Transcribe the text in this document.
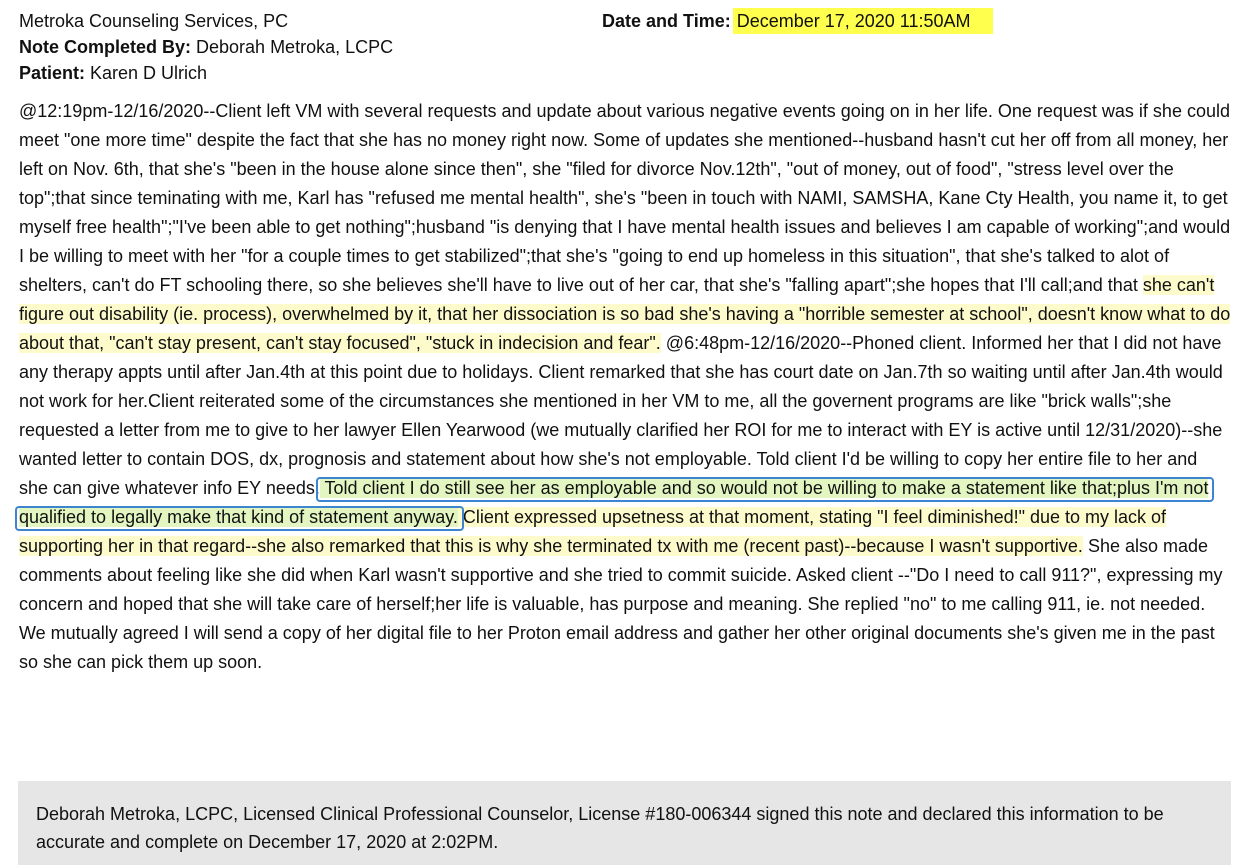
Metroka Counseling Services, PC
Note Completed By: Deborah Metroka, LCPC
Patient: Karen D Ulrich
Date and Time: December 17, 2020 11:50AM

@12:19pm-12/16/2020--Client left VM with several requests and update about various negative events going on in her life. One request was if she could meet "one more time" despite the fact that she has no money right now. Some of updates she mentioned--husband hasn't cut her off from all money, her left on Nov. 6th, that she's "been in the house alone since then", she "filed for divorce Nov.12th", "out of money, out of food", "stress level over the top";that since teminating with me, Karl has "refused me mental health", she's "been in touch with NAMI, SAMSHA, Kane Cty Health, you name it, to get myself free health";"I've been able to get nothing";husband "is denying that I have mental health issues and believes I am capable of working";and would I be willing to meet with her "for a couple times to get stabilized";that she's "going to end up homeless in this situation", that she's talked to alot of shelters, can't do FT schooling there, so she believes she'll have to live out of her car, that she's "falling apart";she hopes that I'll call;and that she can't figure out disability (ie. process), overwhelmed by it, that her dissociation is so bad she's having a "horrible semester at school", doesn't know what to do about that, "can't stay present, can't stay focused", "stuck in indecision and fear". @6:48pm-12/16/2020--Phoned client. Informed her that I did not have any therapy appts until after Jan.4th at this point due to holidays. Client remarked that she has court date on Jan.7th so waiting until after Jan.4th would not work for her.Client reiterated some of the circumstances she mentioned in her VM to me, all the governent programs are like "brick walls";she requested a letter from me to give to her lawyer Ellen Yearwood (we mutually clarified her ROI for me to interact with EY is active until 12/31/2020)--she wanted letter to contain DOS, dx, prognosis and statement about how she's not employable. Told client I'd be willing to copy her entire file to her and she can give whatever info EY needs. Told client I do still see her as employable and so would not be willing to make a statement like that;plus I'm not qualified to legally make that kind of statement anyway. Client expressed upsetness at that moment, stating "I feel diminished!" due to my lack of supporting her in that regard--she also remarked that this is why she terminated tx with me (recent past)--because I wasn't supportive. She also made comments about feeling like she did when Karl wasn't supportive and she tried to commit suicide. Asked client --"Do I need to call 911?", expressing my concern and hoped that she will take care of herself;her life is valuable, has purpose and meaning. She replied "no" to me calling 911, ie. not needed. We mutually agreed I will send a copy of her digital file to her Proton email address and gather her other original documents she's given me in the past so she can pick them up soon.

Deborah Metroka, LCPC, Licensed Clinical Professional Counselor, License #180-006344 signed this note and declared this information to be accurate and complete on December 17, 2020 at 2:02PM.
